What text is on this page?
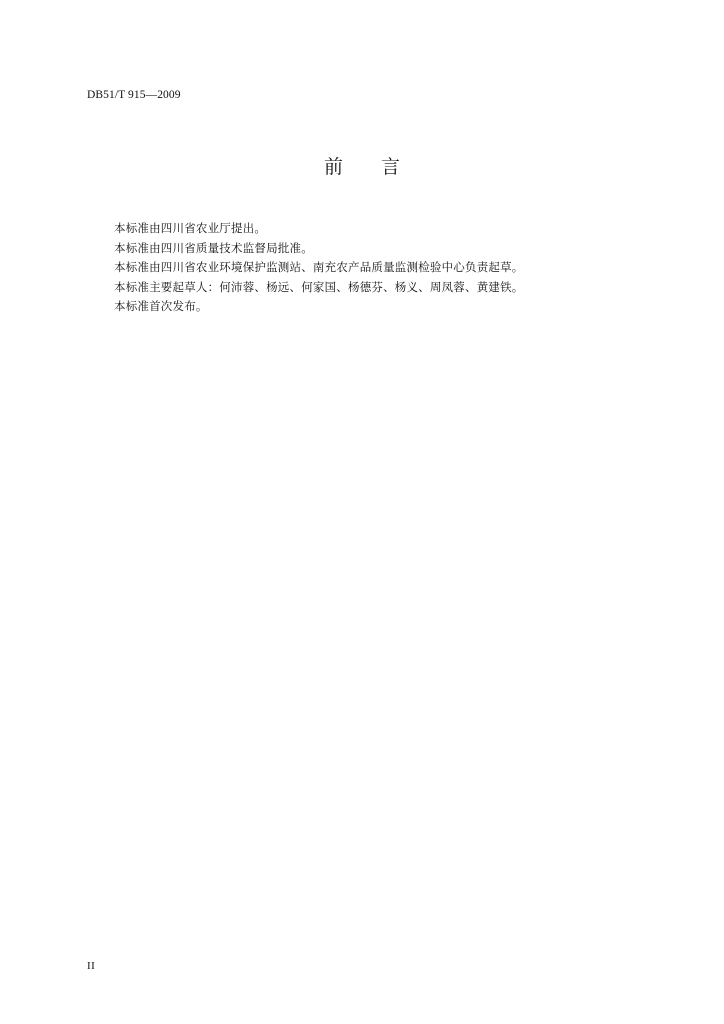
DB51/T 915—2009
前 言

本标准由四川省农业厅提出。

本标准由四川省质量技术监督局批准。

本标准由四川省农业环境保护监测站、南充农产品质量监测检验中心负责起草。

本标准主要起草人：何沛蓉、杨远、何家国、杨德芬、杨义、周凤蓉、黄建铁。

本标准首次发布。

II
